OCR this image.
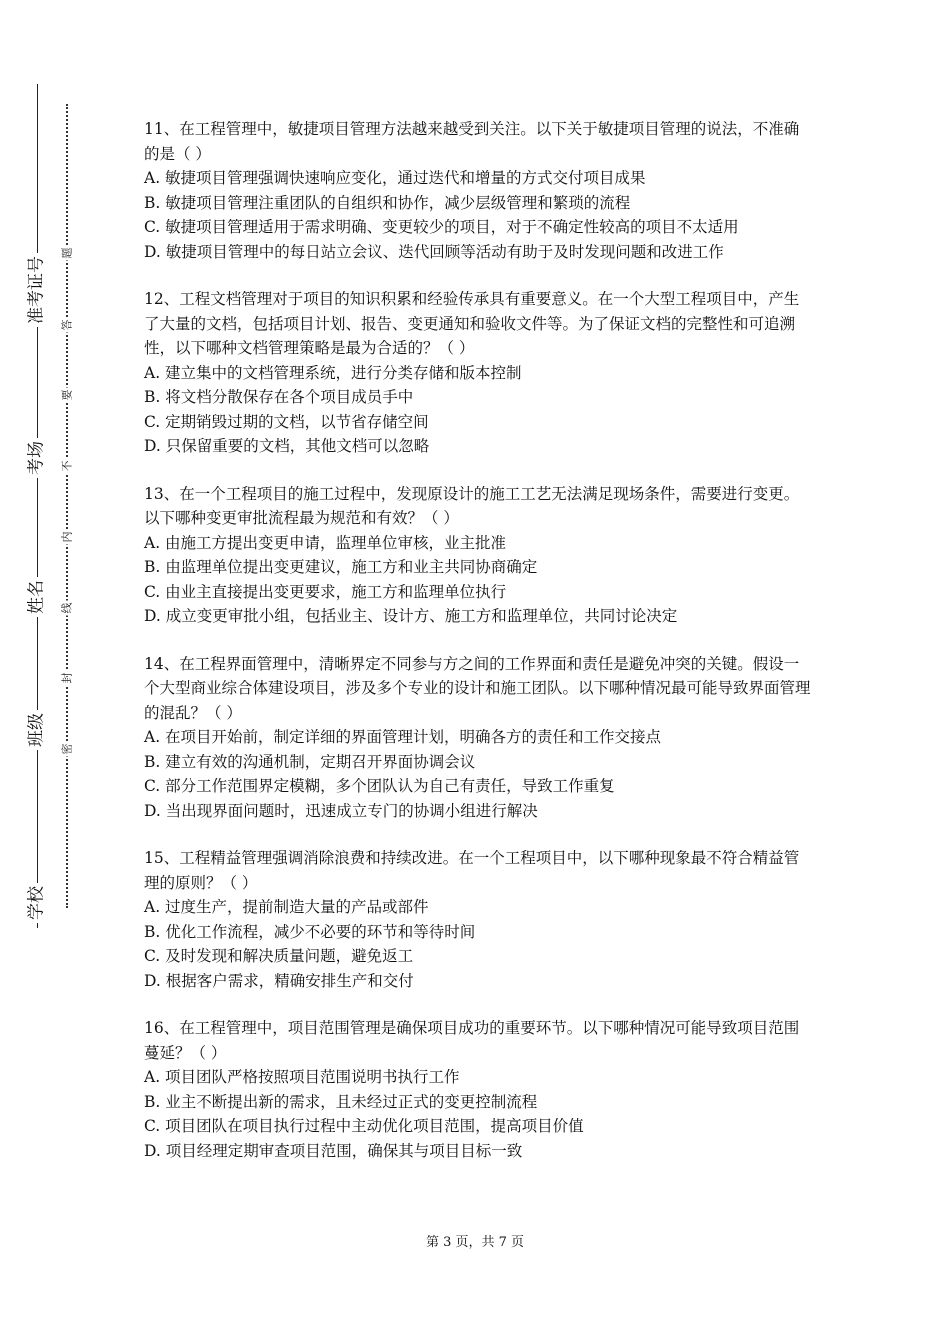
准考证号
考场
姓名
班级
学校
题
答
要
不
内
线
封
密

11、在工程管理中，敏捷项目管理方法越来越受到关注。以下关于敏捷项目管理的说法，不准确的是（ ）

A. 敏捷项目管理强调快速响应变化，通过迭代和增量的方式交付项目成果

B. 敏捷项目管理注重团队的自组织和协作，减少层级管理和繁琐的流程

C. 敏捷项目管理适用于需求明确、变更较少的项目，对于不确定性较高的项目不太适用

D. 敏捷项目管理中的每日站立会议、迭代回顾等活动有助于及时发现问题和改进工作

12、工程文档管理对于项目的知识积累和经验传承具有重要意义。在一个大型工程项目中，产生了大量的文档，包括项目计划、报告、变更通知和验收文件等。为了保证文档的完整性和可追溯性，以下哪种文档管理策略是最为合适的？（ ）

A. 建立集中的文档管理系统，进行分类存储和版本控制

B. 将文档分散保存在各个项目成员手中

C. 定期销毁过期的文档，以节省存储空间

D. 只保留重要的文档，其他文档可以忽略

13、在一个工程项目的施工过程中，发现原设计的施工工艺无法满足现场条件，需要进行变更。以下哪种变更审批流程最为规范和有效？（ ）

A. 由施工方提出变更申请，监理单位审核，业主批准

B. 由监理单位提出变更建议，施工方和业主共同协商确定

C. 由业主直接提出变更要求，施工方和监理单位执行

D. 成立变更审批小组，包括业主、设计方、施工方和监理单位，共同讨论决定

14、在工程界面管理中，清晰界定不同参与方之间的工作界面和责任是避免冲突的关键。假设一个大型商业综合体建设项目，涉及多个专业的设计和施工团队。以下哪种情况最可能导致界面管理的混乱？（ ）

A. 在项目开始前，制定详细的界面管理计划，明确各方的责任和工作交接点

B. 建立有效的沟通机制，定期召开界面协调会议

C. 部分工作范围界定模糊，多个团队认为自己有责任，导致工作重复

D. 当出现界面问题时，迅速成立专门的协调小组进行解决

15、工程精益管理强调消除浪费和持续改进。在一个工程项目中，以下哪种现象最不符合精益管理的原则？（ ）

A. 过度生产，提前制造大量的产品或部件

B. 优化工作流程，减少不必要的环节和等待时间

C. 及时发现和解决质量问题，避免返工

D. 根据客户需求，精确安排生产和交付

16、在工程管理中，项目范围管理是确保项目成功的重要环节。以下哪种情况可能导致项目范围蔓延？（ ）

A. 项目团队严格按照项目范围说明书执行工作

B. 业主不断提出新的需求，且未经过正式的变更控制流程

C. 项目团队在项目执行过程中主动优化项目范围，提高项目价值

D. 项目经理定期审查项目范围，确保其与项目目标一致

第 3 页，共 7 页
